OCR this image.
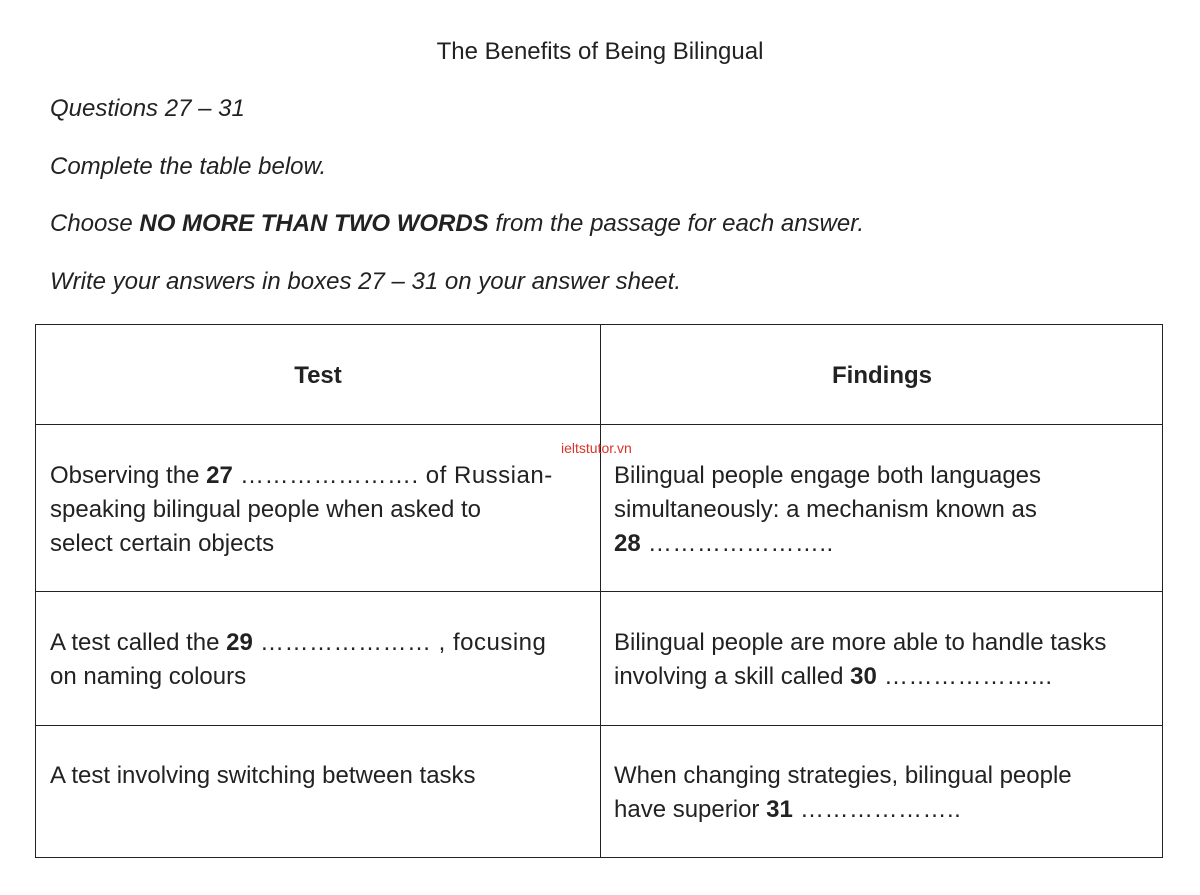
The Benefits of Being Bilingual
Questions 27 – 31
Complete the table below.
Choose NO MORE THAN TWO WORDS from the passage for each answer.
Write your answers in boxes 27 – 31 on your answer sheet.
Test	Findings
Observing the 27 …………………. of Russian-
speaking bilingual people when asked to
select certain objects
Bilingual people engage both languages
simultaneously: a mechanism known as
28 …………………..
A test called the 29 ………………… , focusing
on naming colours
Bilingual people are more able to handle tasks
involving a skill called 30 ………………...
A test involving switching between tasks	When changing strategies, bilingual people
have superior 31 ………………..
ieltstutor.vn
